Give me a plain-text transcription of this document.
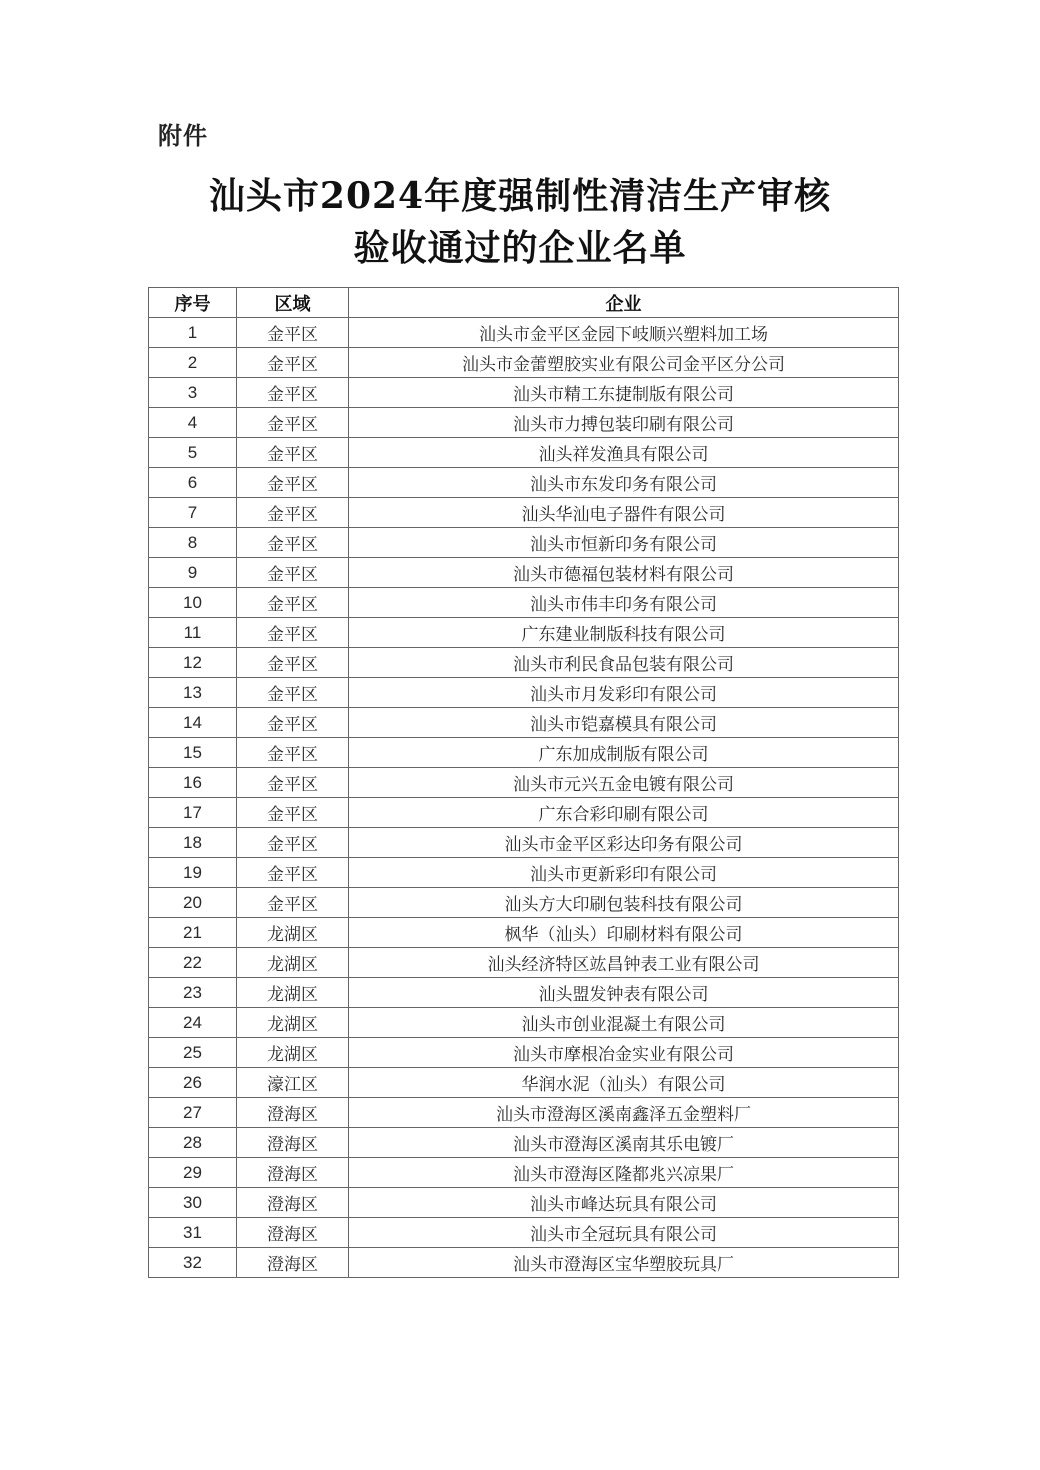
附件
汕头市2024年度强制性清洁生产审核
验收通过的企业名单
序号	区域	企业
1	金平区	汕头市金平区金园下岐顺兴塑料加工场
2	金平区	汕头市金蕾塑胶实业有限公司金平区分公司
3	金平区	汕头市精工东捷制版有限公司
4	金平区	汕头市力搏包装印刷有限公司
5	金平区	汕头祥发渔具有限公司
6	金平区	汕头市东发印务有限公司
7	金平区	汕头华汕电子器件有限公司
8	金平区	汕头市恒新印务有限公司
9	金平区	汕头市德福包装材料有限公司
10	金平区	汕头市伟丰印务有限公司
11	金平区	广东建业制版科技有限公司
12	金平区	汕头市利民食品包装有限公司
13	金平区	汕头市月发彩印有限公司
14	金平区	汕头市铠嘉模具有限公司
15	金平区	广东加成制版有限公司
16	金平区	汕头市元兴五金电镀有限公司
17	金平区	广东合彩印刷有限公司
18	金平区	汕头市金平区彩达印务有限公司
19	金平区	汕头市更新彩印有限公司
20	金平区	汕头方大印刷包装科技有限公司
21	龙湖区	枫华（汕头）印刷材料有限公司
22	龙湖区	汕头经济特区竑昌钟表工业有限公司
23	龙湖区	汕头盟发钟表有限公司
24	龙湖区	汕头市创业混凝土有限公司
25	龙湖区	汕头市摩根冶金实业有限公司
26	濠江区	华润水泥（汕头）有限公司
27	澄海区	汕头市澄海区溪南鑫泽五金塑料厂
28	澄海区	汕头市澄海区溪南其乐电镀厂
29	澄海区	汕头市澄海区隆都兆兴凉果厂
30	澄海区	汕头市峰达玩具有限公司
31	澄海区	汕头市全冠玩具有限公司
32	澄海区	汕头市澄海区宝华塑胶玩具厂
